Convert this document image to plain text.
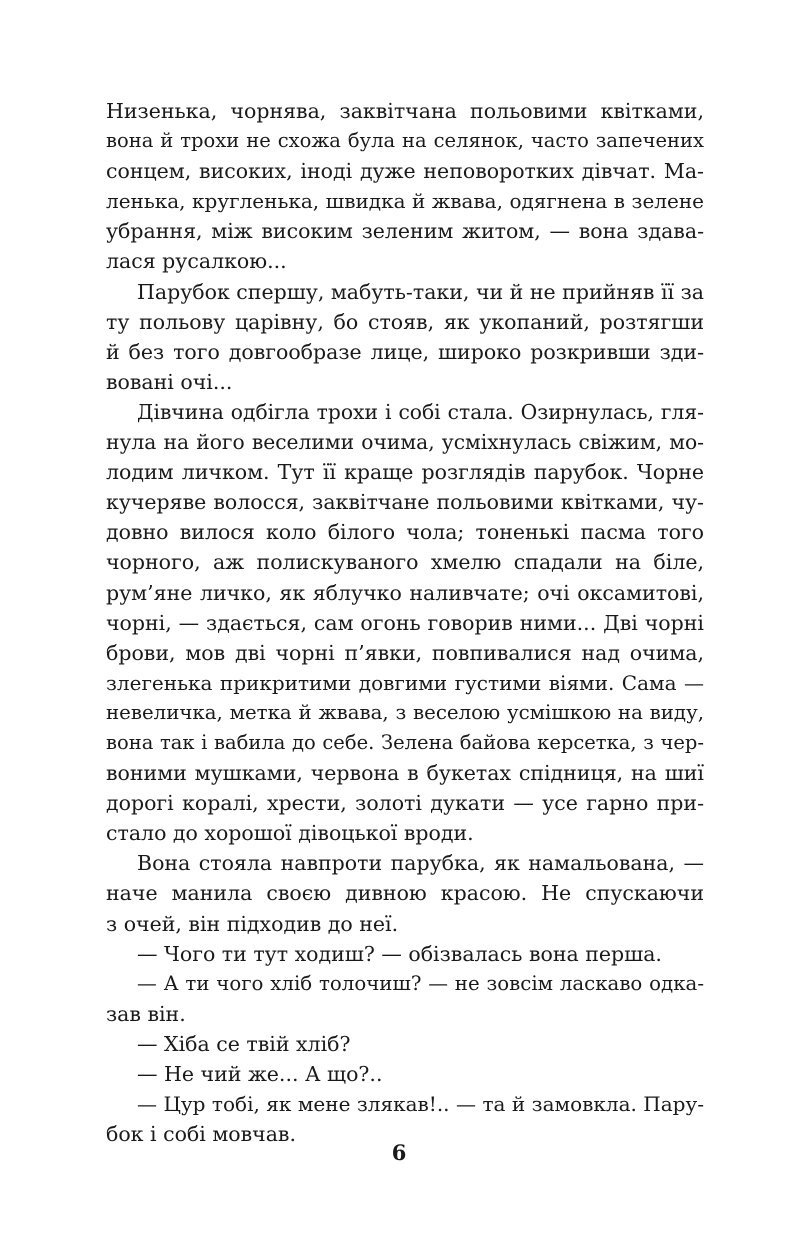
Низенька, чорнява, заквітчана польовими квітками,
вона й трохи не схожа була на селянок, часто запечених
сонцем, високих, іноді дуже неповоротких дівчат. Ма-
ленька, кругленька, швидка й жвава, одягнена в зелене
убрання, між високим зеленим житом, — вона здава-
лася русалкою...
Парубок спершу, мабуть-таки, чи й не прийняв її за
ту польову царівну, бо стояв, як укопаний, розтягши
й без того довгообразе лице, широко розкривши зди-
вовані очі...
Дівчина одбігла трохи і собі стала. Озирнулась, гля-
нула на його веселими очима, усміхнулась свіжим, мо-
лодим личком. Тут її краще розглядів парубок. Чорне
кучеряве волосся, заквітчане польовими квітками, чу-
довно вилося коло білого чола; тоненькі пасма того
чорного, аж полискуваного хмелю спадали на біле,
рум’яне личко, як яблучко наливчате; очі оксамитові,
чорні, — здається, сам огонь говорив ними... Дві чорні
брови, мов дві чорні п’явки, повпивалися над очима,
злегенька прикритими довгими густими віями. Сама —
невеличка, метка й жвава, з веселою усмішкою на виду,
вона так і вабила до себе. Зелена байова керсетка, з чер-
воними мушками, червона в букетах спідниця, на шиї
дорогі коралі, хрести, золоті дукати — усе гарно при-
стало до хорошої дівоцької вроди.
Вона стояла навпроти парубка, як намальована, —
наче манила своєю дивною красою. Не спускаючи
з очей, він підходив до неї.
— Чого ти тут ходиш? — обізвалась вона перша.
— А ти чого хліб толочиш? — не зовсім ласкаво одка-
зав він.
— Хіба се твій хліб?
— Не чий же... А що?..
— Цур тобі, як мене злякав!.. — та й замовкла. Пару-
бок і собі мовчав.
6
